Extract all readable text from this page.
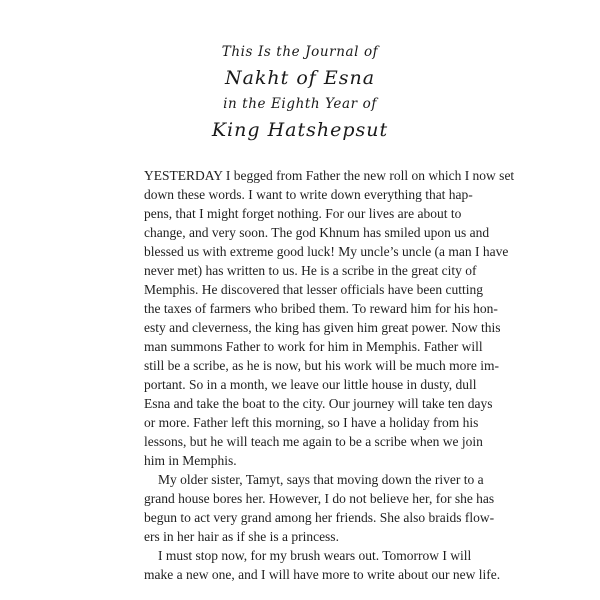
This Is the Journal of
Nakht of Esna
in the Eighth Year of
King Hatshepsut
YESTERDAY I begged from Father the new roll on which I now set
down these words. I want to write down everything that hap-
pens, that I might forget nothing. For our lives are about to
change, and very soon. The god Khnum has smiled upon us and
blessed us with extreme good luck! My uncle’s uncle (a man I have
never met) has written to us. He is a scribe in the great city of
Memphis. He discovered that lesser officials have been cutting
the taxes of farmers who bribed them. To reward him for his hon-
esty and cleverness, the king has given him great power. Now this
man summons Father to work for him in Memphis. Father will
still be a scribe, as he is now, but his work will be much more im-
portant. So in a month, we leave our little house in dusty, dull
Esna and take the boat to the city. Our journey will take ten days
or more. Father left this morning, so I have a holiday from his
lessons, but he will teach me again to be a scribe when we join
him in Memphis.
My older sister, Tamyt, says that moving down the river to a
grand house bores her. However, I do not believe her, for she has
begun to act very grand among her friends. She also braids flow-
ers in her hair as if she is a princess.
I must stop now, for my brush wears out. Tomorrow I will
make a new one, and I will have more to write about our new life.
